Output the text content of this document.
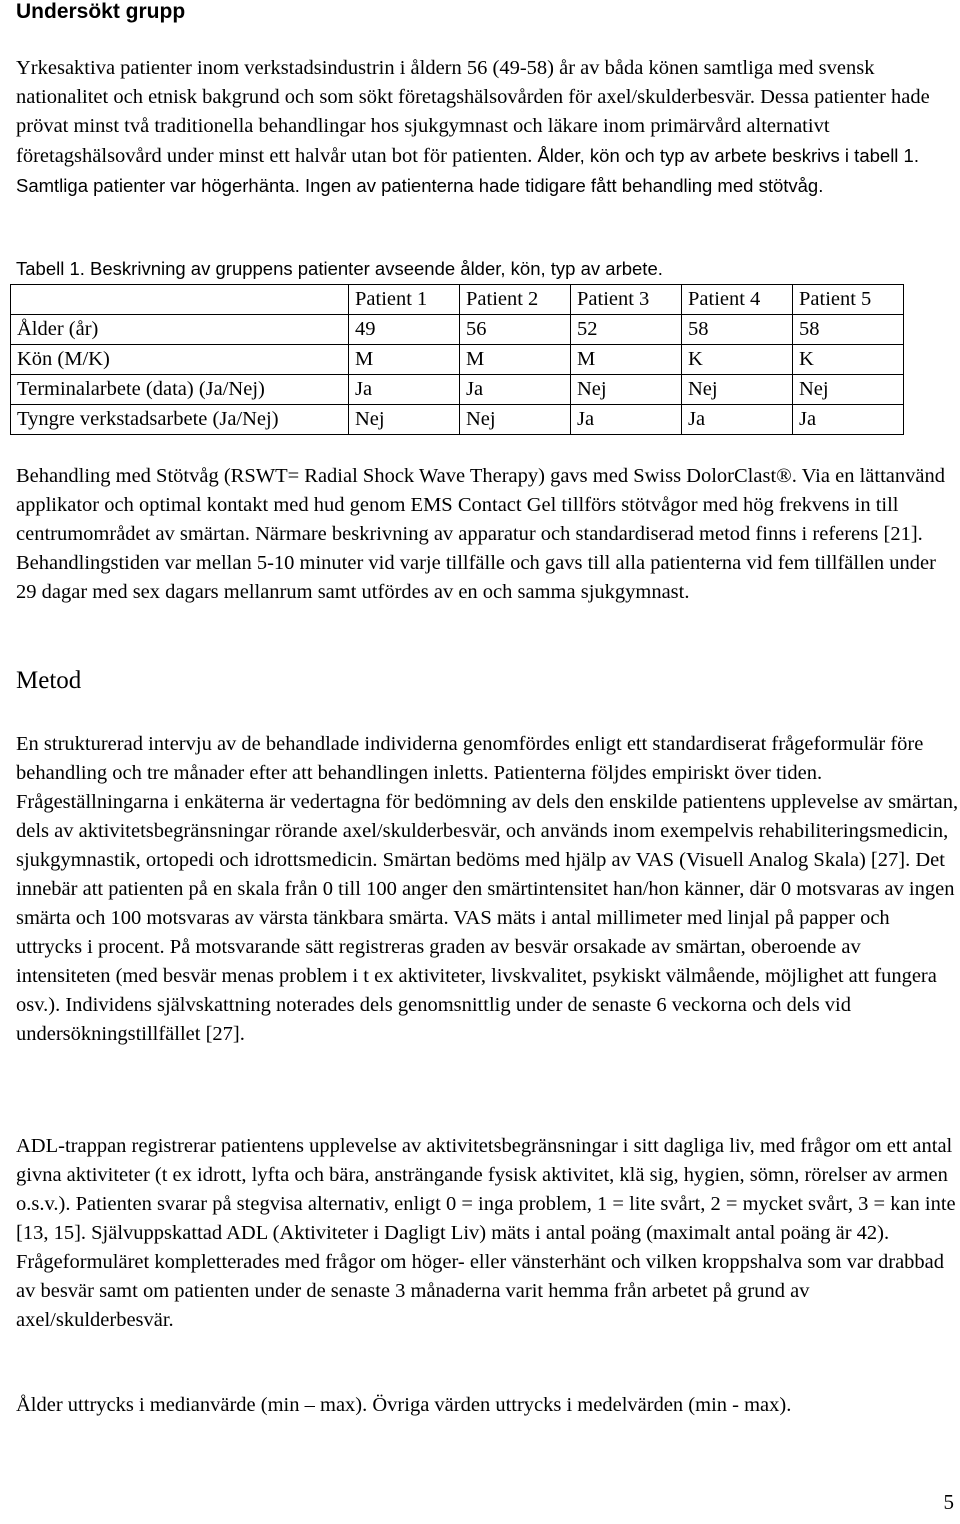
Undersökt grupp

Yrkesaktiva patienter inom verkstadsindustrin i åldern 56 (49-58) år av båda könen samtliga med svensk nationalitet och etnisk bakgrund och som sökt företagshälsovården för axel/skulderbesvär. Dessa patienter hade prövat minst två traditionella behandlingar hos sjukgymnast och läkare inom primärvård alternativt företagshälsovård under minst ett halvår utan bot för patienten. Ålder, kön och typ av arbete beskrivs i tabell 1. Samtliga patienter var högerhänta. Ingen av patienterna hade tidigare fått behandling med stötvåg.

Tabell 1. Beskrivning av gruppens patienter avseende ålder, kön, typ av arbete.

	Patient 1	Patient 2	Patient 3	Patient 4	Patient 5
Ålder (år)	49	56	52	58	58
Kön (M/K)	M	M	M	K	K
Terminalarbete (data) (Ja/Nej)	Ja	Ja	Nej	Nej	Nej
Tyngre verkstadsarbete (Ja/Nej)	Nej	Nej	Ja	Ja	Ja

Behandling med Stötvåg (RSWT= Radial Shock Wave Therapy) gavs med Swiss DolorClast®. Via en lättanvänd applikator och optimal kontakt med hud genom EMS Contact Gel tillförs stötvågor med hög frekvens in till centrumområdet av smärtan. Närmare beskrivning av apparatur och standardiserad metod finns i referens [21]. Behandlingstiden var mellan 5-10 minuter vid varje tillfälle och gavs till alla patienterna vid fem tillfällen under 29 dagar med sex dagars mellanrum samt utfördes av en och samma sjukgymnast.

Metod

En strukturerad intervju av de behandlade individerna genomfördes enligt ett standardiserat frågeformulär före behandling och tre månader efter att behandlingen inletts. Patienterna följdes empiriskt över tiden. Frågeställningarna i enkäterna är vedertagna för bedömning av dels den enskilde patientens upplevelse av smärtan, dels av aktivitetsbegränsningar rörande axel/skulderbesvär, och används inom exempelvis rehabiliteringsmedicin, sjukgymnastik, ortopedi och idrottsmedicin. Smärtan bedöms med hjälp av VAS (Visuell Analog Skala) [27]. Det innebär att patienten på en skala från 0 till 100 anger den smärtintensitet han/hon känner, där 0 motsvaras av ingen smärta och 100 motsvaras av värsta tänkbara smärta. VAS mäts i antal millimeter med linjal på papper och uttrycks i procent. På motsvarande sätt registreras graden av besvär orsakade av smärtan, oberoende av intensiteten (med besvär menas problem i t ex aktiviteter, livskvalitet, psykiskt välmående, möjlighet att fungera osv.). Individens självskattning noterades dels genomsnittlig under de senaste 6 veckorna och dels vid undersökningstillfället [27].

ADL-trappan registrerar patientens upplevelse av aktivitetsbegränsningar i sitt dagliga liv, med frågor om ett antal givna aktiviteter (t ex idrott, lyfta och bära, ansträngande fysisk aktivitet, klä sig, hygien, sömn, rörelser av armen o.s.v.). Patienten svarar på stegvisa alternativ, enligt 0 = inga problem, 1 = lite svårt, 2 = mycket svårt, 3 = kan inte [13, 15]. Självuppskattad ADL (Aktiviteter i Dagligt Liv) mäts i antal poäng (maximalt antal poäng är 42). Frågeformuläret kompletterades med frågor om höger- eller vänsterhänt och vilken kroppshalva som var drabbad av besvär samt om patienten under de senaste 3 månaderna varit hemma från arbetet på grund av axel/skulderbesvär.

Ålder uttrycks i medianvärde (min – max). Övriga värden uttrycks i medelvärden (min - max).

5
